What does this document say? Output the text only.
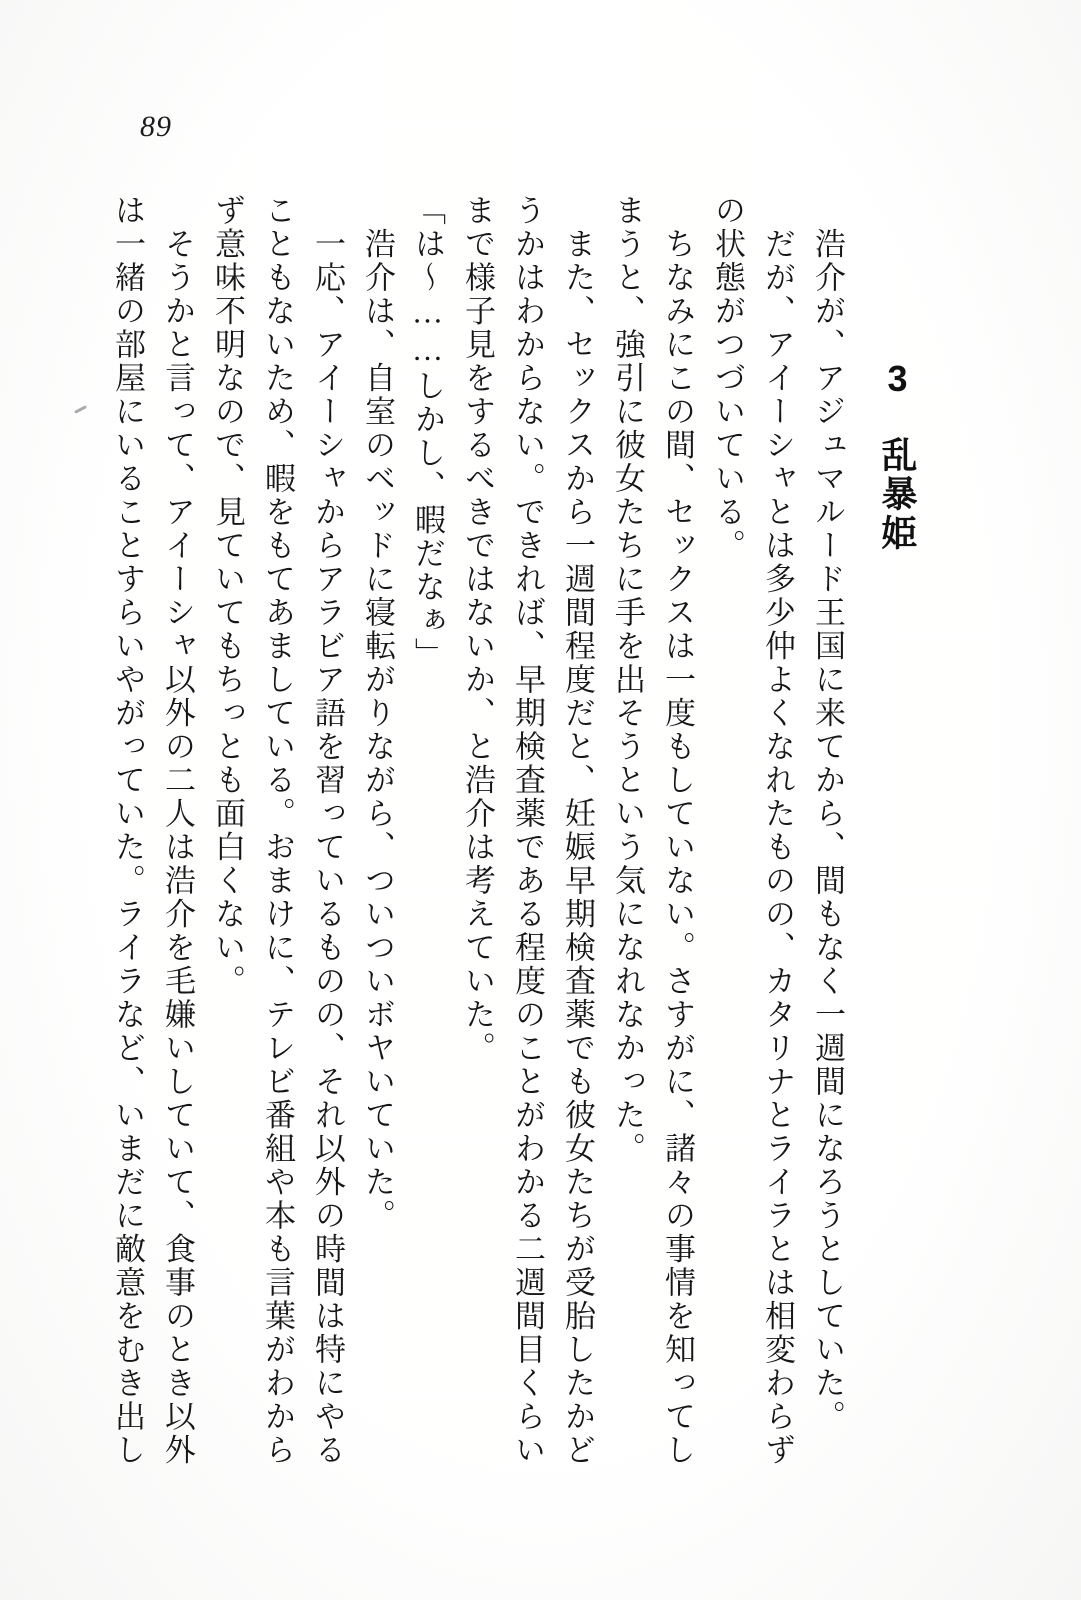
89
3乱暴姫

　浩介が、アジュマルード王国に来てから、間もなく一週間になろうとしていた。

　だが、アイーシャとは多少仲よくなれたものの、カタリナとライラとは相変わらず

の状態がつづいている。

　ちなみにこの間、セックスは一度もしていない。さすがに、諸々の事情を知ってし

まうと、強引に彼女たちに手を出そうという気になれなかった。

　また、セックスから一週間程度だと、妊娠早期検査薬でも彼女たちが受胎したかど

うかはわからない。できれば、早期検査薬である程度のことがわかる二週間目くらい

まで様子見をするべきではないか、と浩介は考えていた。

「は〜……しかし、暇だなぁ」

　浩介は、自室のベッドに寝転がりながら、ついついボヤいていた。

　一応、アイーシャからアラビア語を習っているものの、それ以外の時間は特にやる

こともないため、暇をもてあましている。おまけに、テレビ番組や本も言葉がわから

ず意味不明なので、見ていてもちっとも面白くない。

　そうかと言って、アイーシャ以外の二人は浩介を毛嫌いしていて、食事のとき以外

は一緒の部屋にいることすらいやがっていた。ライラなど、いまだに敵意をむき出し
